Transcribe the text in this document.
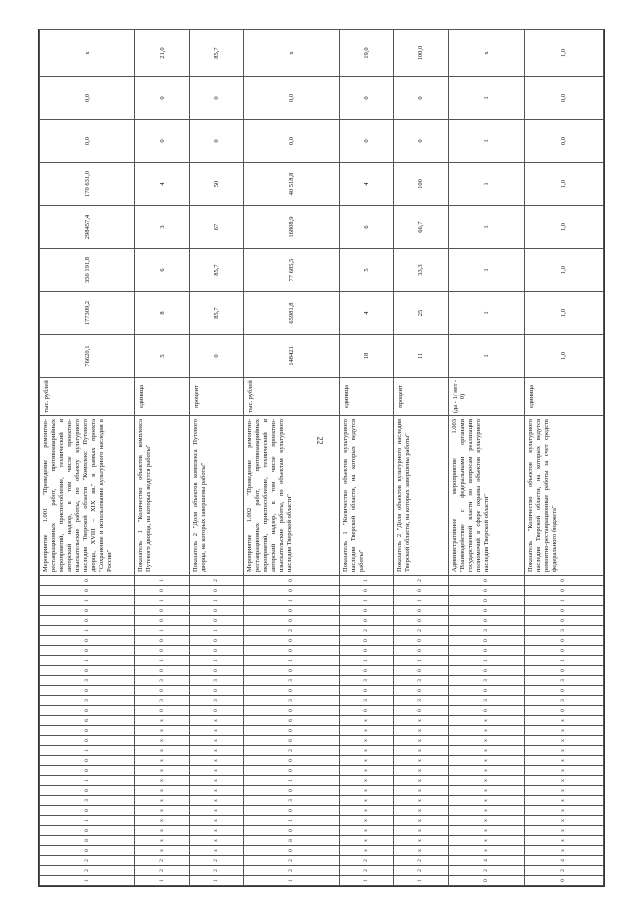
22
1	2	2	0	8	0	1	0	3	0	1	0	0	1	0	0	6	0	3	0	3	0	1	0	0	1	0	0	1	0	0	Мероприятие 1.001 "Проведение ремонтно-реставрационных работ, противоаварийных мероприятий, приспособление, технический и авторский надзор, в том числе проектно-изыскательские работы, по объекту культурного наследия Тверской области "Комплекс Путевого дворца, XVIII – XIX вв." в рамках проекта "Сохранение и использование культурного наследия в России"	тыс. рублей	76620,1	177309,2	350 191,8	298457,4	170 631,0	0,0	0,0	х
1	2	2	х	х	х	х	х	х	х	х	х	х	х	х	х	х	0	3	0	3	0	1	0	0	1	0	0	1	0	1	Показатель 1 "Количество объектов комплекса Путевого дворца, на которых ведутся работы"	единица	5	8	6	3	4	0	0	21,0
1	2	2	х	х	х	х	х	х	х	х	х	х	х	х	х	х	0	3	0	3	0	1	0	0	1	0	0	1	0	2	Показатель 2 "Доля объектов комплекса Путевого дворца, на которых завершены работы"	процент	0	85,7	85,7	67	50	0	0	85,7
1	2	2	0	8	0	1	0	3	0	1	0	0	2	6	0	6	0	3	0	3	0	1	0	0	2	0	0	1	0	0	Мероприятие 1.002 "Проведение ремонтно-реставрационных работ, противоаварийных мероприятий, приспособление, технический и авторский надзор, в том числе проектно-изыскательские работы, по объектам культурного наследия Тверской области"	тыс. рублей	148421	65981,8	77 685,5	16808,9	40 518,8	0,0	0,0	х
1	2	2	х	х	х	х	х	х	х	х	х	х	х	х	х	х	0	3	0	3	0	1	0	0	2	0	0	1	0	1	Показатель 1 "Количество объектов культурного наследия Тверской области, на которых ведутся работы"	единица	18	4	5	6	4	0	0	19,0
1	2	2	х	х	х	х	х	х	х	х	х	х	х	х	х	х	0	3	0	3	0	1	0	0	2	0	0	1	0	2	Показатель 2 "Доля объектов культурного наследия Тверской области, на которых завершены работы"	процент	11	25	33,3	66,7	100	0	0	100,0
0	2	4	х	х	х	х	х	х	х	х	х	х	х	х	х	х	0	3	0	3	0	1	0	0	3	0	0	0	0	0	Административное мероприятие 1.003 "Взаимодействие с федеральными органами государственной власти по вопросам реализации полномочий в сфере охраны объектов культурного наследия Тверской области"	(да - 1/ нет - 0)	1	1	1	1	1	1	1	х
0	2	4	х	х	х	х	х	х	х	х	х	х	х	х	х	х	0	3	0	3	0	1	0	0	3	0	0	1	0	0	Показатель "Количество объектов культурного наследия Тверской области, на которых ведутся ремонтно-реставрационные работы за счет средств федерального бюджета"	единица	1,0	1,0	1,0	1,0	1,0	0,0	0,0	1,0
